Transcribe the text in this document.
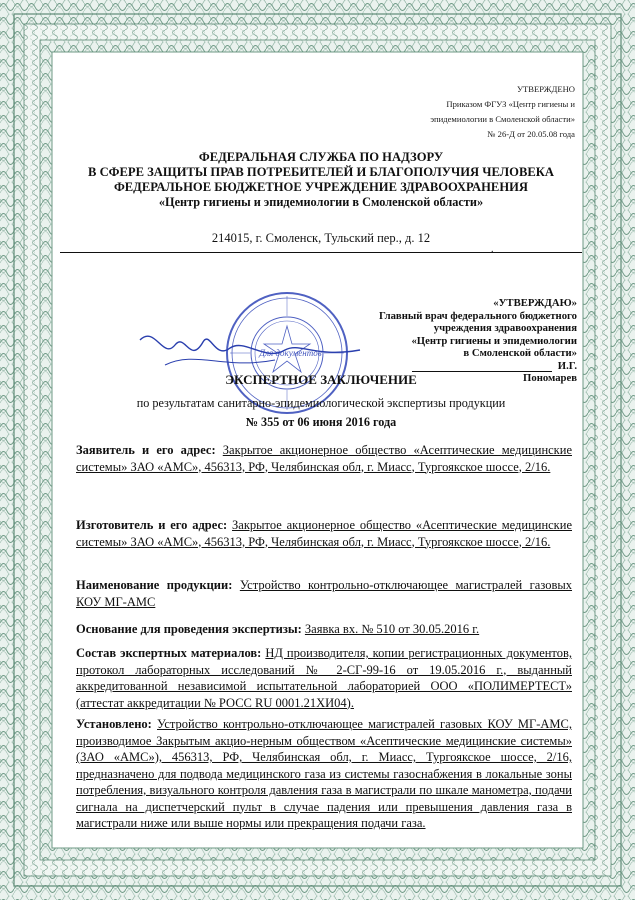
УТВЕРЖДЕНО
Приказом ФГУЗ «Центр гигиены и
эпидемиологии в Смоленской области»
№ 26-Д от 20.05.08 года
ФЕДЕРАЛЬНАЯ СЛУЖБА ПО НАДЗОРУ
В СФЕРЕ ЗАЩИТЫ ПРАВ ПОТРЕБИТЕЛЕЙ И БЛАГОПОЛУЧИЯ ЧЕЛОВЕКА
ФЕДЕРАЛЬНОЕ БЮДЖЕТНОЕ УЧРЕЖДЕНИЕ ЗДРАВООХРАНЕНИЯ
«Центр гигиены и эпидемиологии в Смоленской области»
214015, г. Смоленск, Тульский пер., д. 12
.
«УТВЕРЖДАЮ»
Главный врач федерального бюджетного
учреждения здравоохранения
«Центр гигиены и эпидемиологии
в Смоленской области»
И.Г. Пономарев
Для документов
ЭКСПЕРТНОЕ ЗАКЛЮЧЕНИЕ
по результатам санитарно-эпидемиологической экспертизы продукции
№ 355 от 06 июня 2016 года
Заявитель и его адрес: Закрытое акционерное общество «Асептические медицинские системы» ЗАО «АМС», 456313, РФ, Челябинская обл, г. Миасс, Тургоякское шоссе, 2/16.
Изготовитель и его адрес: Закрытое акционерное общество «Асептические медицинские системы» ЗАО «АМС», 456313, РФ, Челябинская обл, г. Миасс, Тургоякское шоссе, 2/16.
Наименование продукции: Устройство контрольно-отключающее магистралей газовых КОУ МГ-АМС
Основание для проведения экспертизы: Заявка вх. № 510 от 30.05.2016 г.
Состав экспертных материалов: НД производителя, копии регистрационных документов, протокол лабораторных исследований № 2-СГ-99-16 от 19.05.2016 г., выданный аккредитованной независимой испытательной лабораторией ООО «ПОЛИМЕРТЕСТ» (аттестат аккредитации № РОСС RU 0001.21ХИ04).
Установлено: Устройство контрольно-отключающее магистралей газовых КОУ МГ-АМС, производимое Закрытым акцио-нерным обществом «Асептические медицинские системы» (ЗАО «АМС»), 456313, РФ, Челябинская обл, г. Миасс, Тургоякское шоссе, 2/16, предназначено для подвода медицинского газа из системы газоснабжения в локальные зоны потребления, визуального контроля давления газа в магистрали по шкале манометра, подачи сигнала на диспетчерский пульт в случае падения или превышения давления газа в магистрали ниже или выше нормы или прекращения подачи газа.
